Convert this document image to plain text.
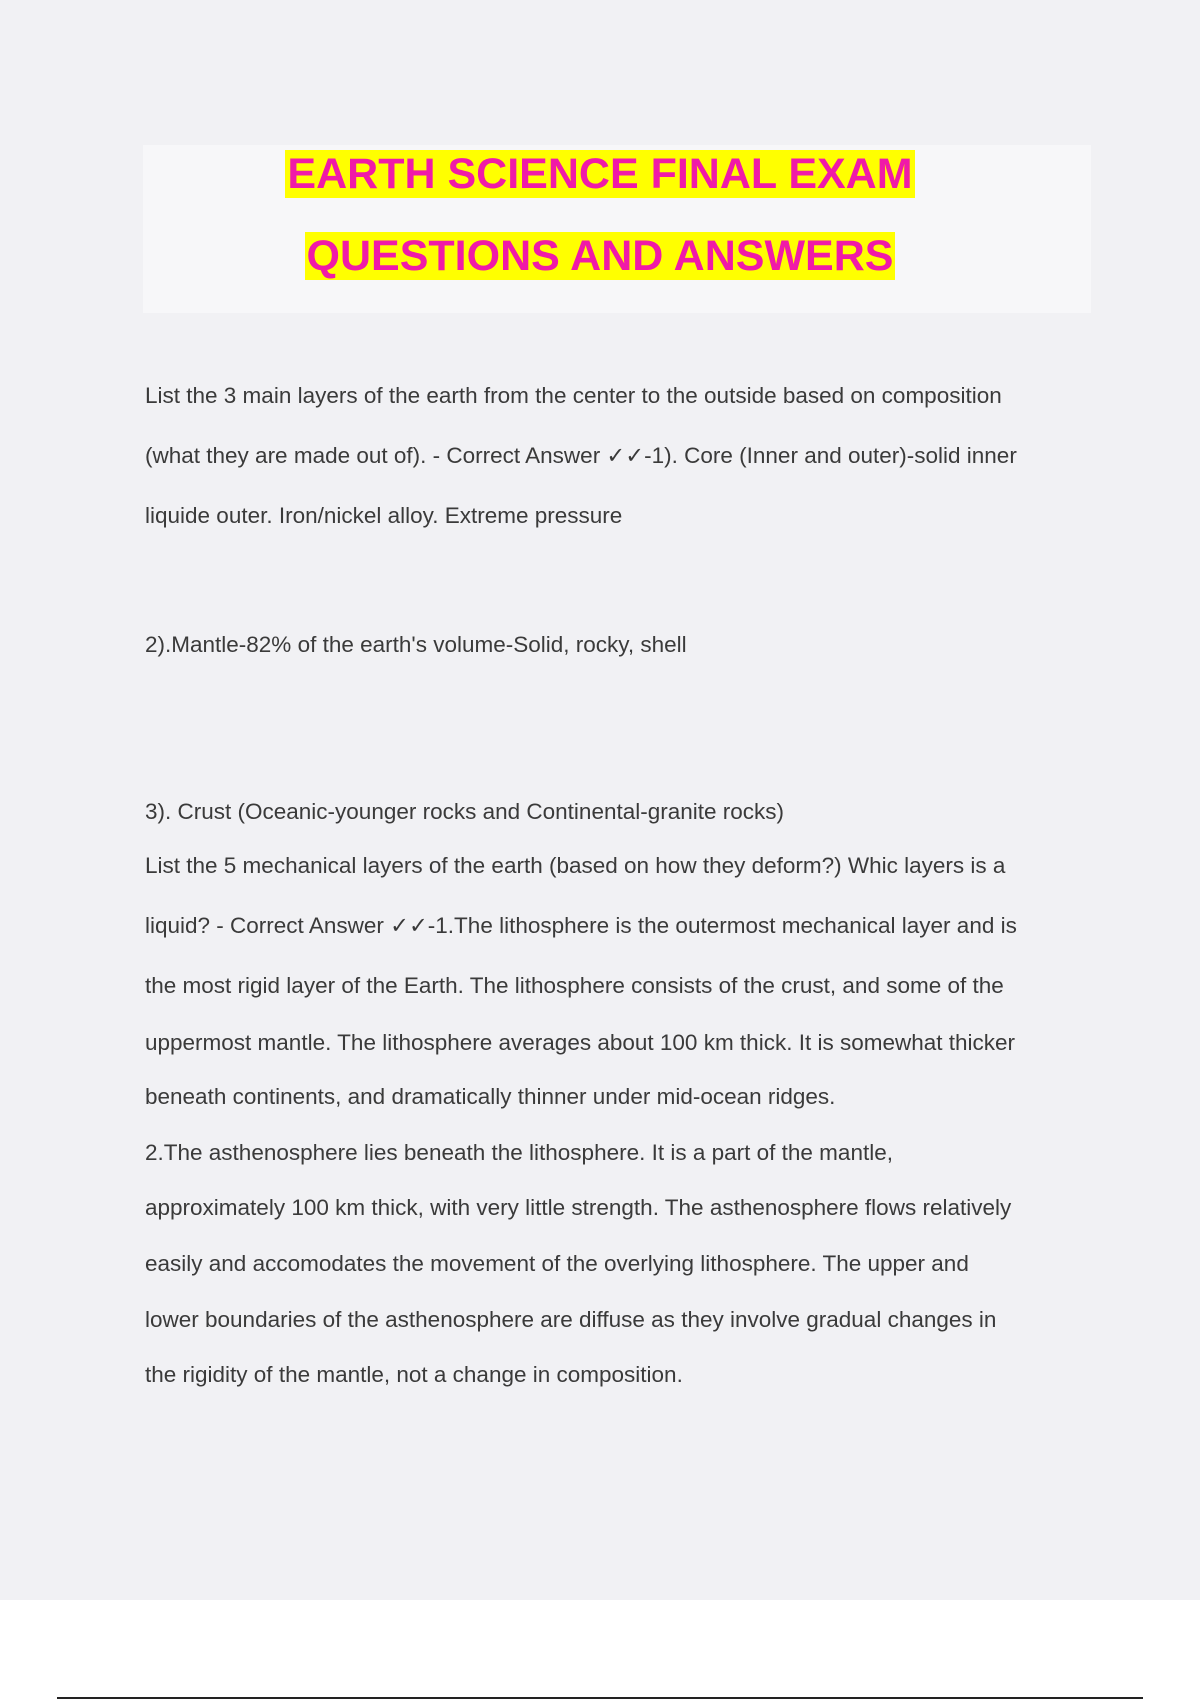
EARTH SCIENCE FINAL EXAM
QUESTIONS AND ANSWERS

List the 3 main layers of the earth from the center to the outside based on composition
(what they are made out of). - Correct Answer ✓✓-1). Core (Inner and outer)-solid inner
liquide outer. Iron/nickel alloy. Extreme pressure

2).Mantle-82% of the earth's volume-Solid, rocky, shell

3). Crust (Oceanic-younger rocks and Continental-granite rocks)

List the 5 mechanical layers of the earth (based on how they deform?) Whic layers is a
liquid? - Correct Answer ✓✓-1.The lithosphere is the outermost mechanical layer and is
the most rigid layer of the Earth. The lithosphere consists of the crust, and some of the
uppermost mantle. The lithosphere averages about 100 km thick. It is somewhat thicker
beneath continents, and dramatically thinner under mid-ocean ridges.
2.The asthenosphere lies beneath the lithosphere. It is a part of the mantle,
approximately 100 km thick, with very little strength. The asthenosphere flows relatively
easily and accomodates the movement of the overlying lithosphere. The upper and
lower boundaries of the asthenosphere are diffuse as they involve gradual changes in
the rigidity of the mantle, not a change in composition.
